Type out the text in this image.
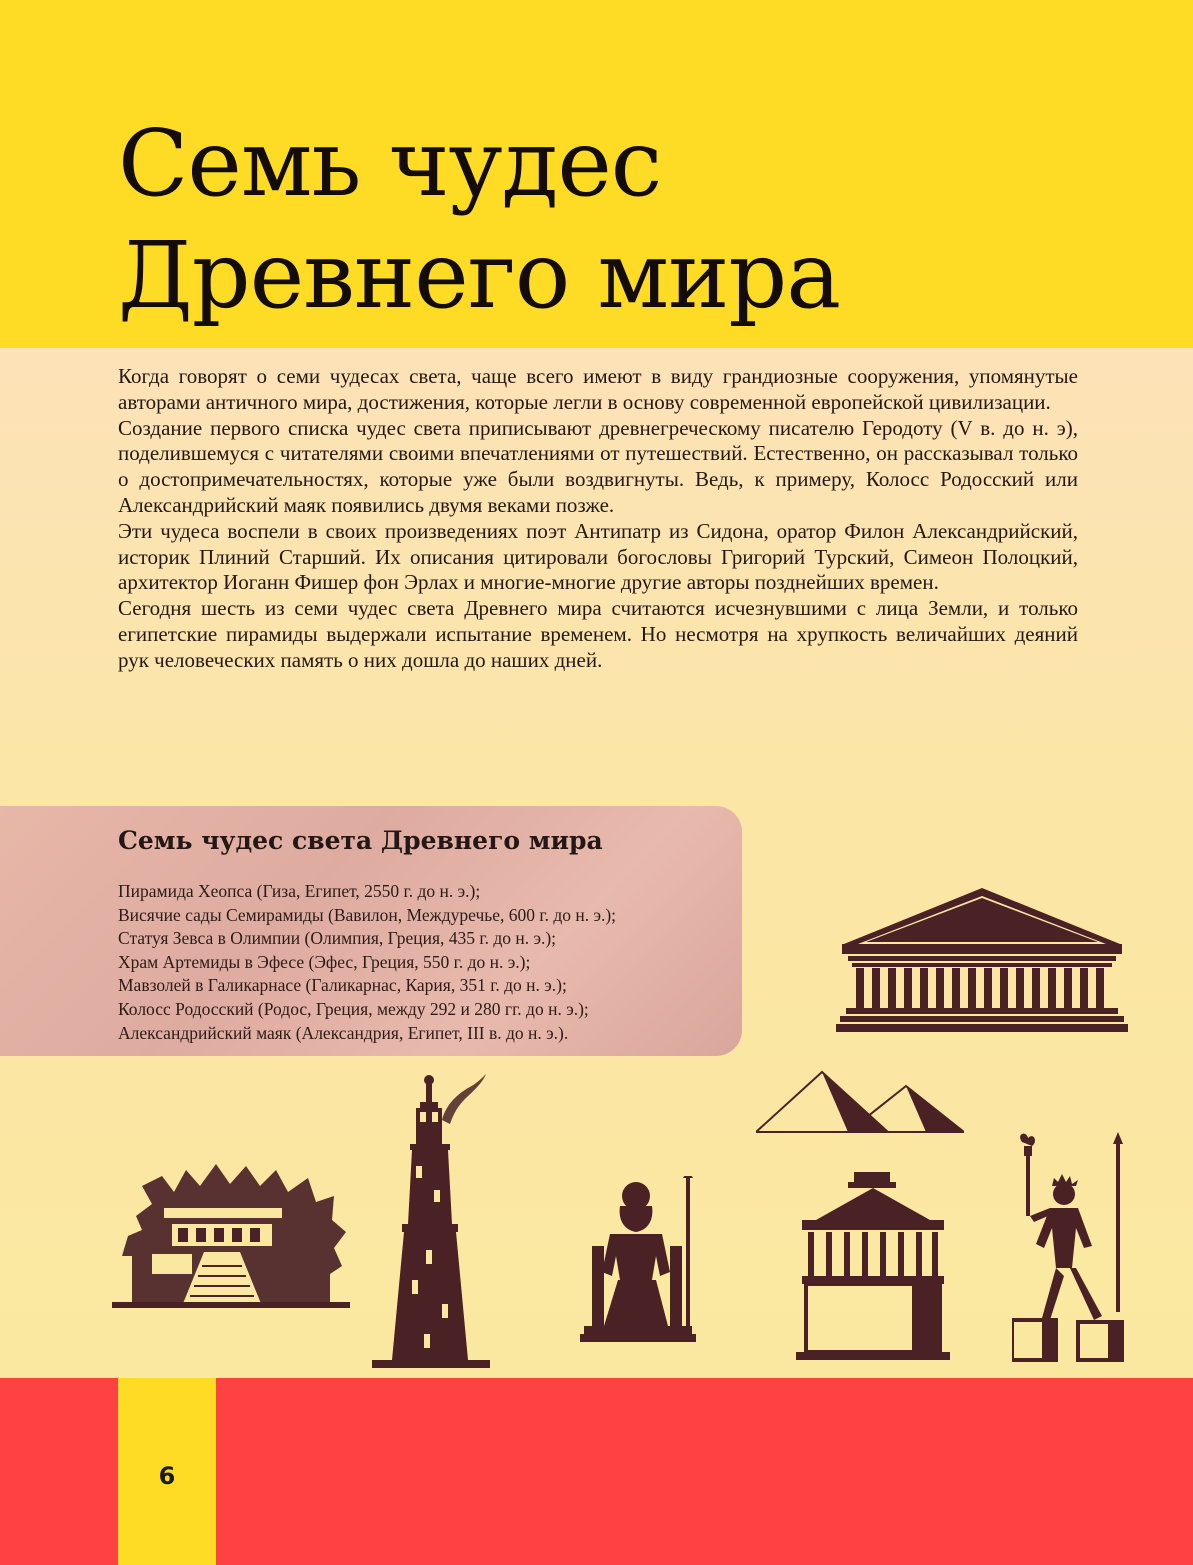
Семь чудес
Древнего мира

Когда говорят о семи чудесах света, чаще всего имеют в виду грандиозные сооружения, упомянутые авторами античного мира, достижения, которые легли в основу современной европейской цивилизации.

Создание первого списка чудес света приписывают древнегреческому писателю Геродоту (V в. до н. э), поделившемуся с читателями своими впечатлениями от путешествий. Естественно, он рассказывал только о достопримечательностях, которые уже были воздвигнуты. Ведь, к примеру, Колосс Родосский или Александрийский маяк появились двумя веками позже.

Эти чудеса воспели в своих произведениях поэт Антипатр из Сидона, оратор Филон Александрийский, историк Плиний Старший. Их описания цитировали богословы Григорий Турский, Симеон Полоцкий, архитектор Иоганн Фишер фон Эрлах и многие-многие другие авторы позднейших времен.

Сегодня шесть из семи чудес света Древнего мира считаются исчезнувшими с лица Земли, и только египетские пирамиды выдержали испытание временем. Но несмотря на хрупкость величайших деяний рук человеческих память о них дошла до наших дней.

Семь чудес света Древнего мира
Пирамида Хеопса (Гиза, Египет, 2550 г. до н. э.);
Висячие сады Семирамиды (Вавилон, Междуречье, 600 г. до н. э.);
Статуя Зевса в Олимпии (Олимпия, Греция, 435 г. до н. э.);
Храм Артемиды в Эфесе (Эфес, Греция, 550 г. до н. э.);
Мавзолей в Галикарнасе (Галикарнас, Кария, 351 г. до н. э.);
Колосс Родосский (Родос, Греция, между 292 и 280 гг. до н. э.);
Александрийский маяк (Александрия, Египет, III в. до н. э.).
6
